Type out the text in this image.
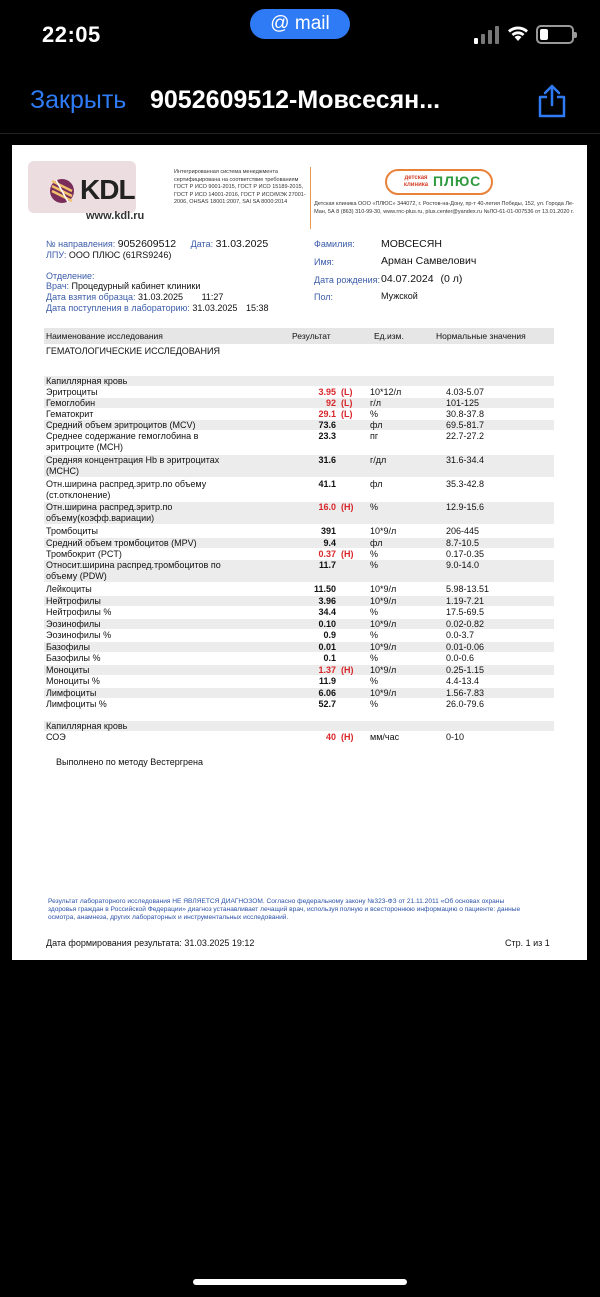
22:05	@ mail
Закрыть 9052609512-Мовсесян...
KDL
www.kdl.ru
Интегрированная система менеджмента сертифицирована на соответствие требованиям ГОСТ Р ИСО 9001-2015, ГОСТ Р ИСО 15189-2015, ГОСТ Р ИСО 14001-2016, ГОСТ Р ИСО/МЭК 27001-2006, OHSAS 18001:2007, SAI SA 8000:2014
детская клиника ПЛЮС
Детская клиника ООО «ПЛЮС» 344072, г. Ростов-на-Дону, пр-т 40-летия Победы, 152, ул. Города Ле-Ман, 5А 8 (863) 310-99-30, www.rnc-plus.ru, plus.center@yandex.ru №ЛО-61-01-007536 от 13.01.2020 г.
№ направления: 9052609512 Дата: 31.03.2025
ЛПУ: ООО ПЛЮС (61RS9246)
Отделение:
Врач: Процедурный кабинет клиники
Дата взятия образца: 31.03.2025 11:27
Дата поступления в лабораторию: 31.03.2025 15:38
Фамилия:	МОВСЕСЯН
Имя:	Арман Самвелович
Дата рождения: 04.07.2024 (0 л)
Пол:	Мужской
Наименование исследования	Результат	Ед.изм.	Нормальные значения
ГЕМАТОЛОГИЧЕСКИЕ ИССЛЕДОВАНИЯ
Капиллярная кровь
Эритроциты	3.95 (L)	10*12/л	4.03-5.07
Гемоглобин	92 (L)	г/л	101-125
Гематокрит	29.1 (L)	%	30.8-37.8
Средний объем эритроцитов (MCV)	73.6	фл	69.5-81.7
Среднее содержание гемоглобина в эритроците (MCH)
23.3	пг	22.7-27.2
Средняя концентрация Hb в эритроцитах (MCHC)
31.6	г/дл	31.6-34.4
Отн.ширина распред.эритр.по объему (ст.отклонение)
41.1	фл	35.3-42.8
Отн.ширина распред.эритр.по объему(коэфф.вариации)
16.0 (H)	%	12.9-15.6
Тромбоциты	391	10*9/л	206-445
Средний объем тромбоцитов (MPV)	9.4	фл	8.7-10.5
Тромбокрит (PCT)	0.37 (H)	%	0.17-0.35
Относит.ширина распред.тромбоцитов по объему (PDW)
11.7	%	9.0-14.0
Лейкоциты	11.50	10*9/л	5.98-13.51
Нейтрофилы	3.96	10*9/л	1.19-7.21
Нейтрофилы %	34.4	%	17.5-69.5
Эозинофилы	0.10	10*9/л	0.02-0.82
Эозинофилы %	0.9	%	0.0-3.7
Базофилы	0.01	10*9/л	0.01-0.06
Базофилы %	0.1	%	0.0-0.6
Моноциты	1.37 (H)	10*9/л	0.25-1.15
Моноциты %	11.9	%	4.4-13.4
Лимфоциты	6.06	10*9/л	1.56-7.83
Лимфоциты %	52.7	%	26.0-79.6
Капиллярная кровь
СОЭ	40 (H)	мм/час	0-10
Выполнено по методу Вестергрена
Результат лабораторного исследования НЕ ЯВЛЯЕТСЯ ДИАГНОЗОМ. Согласно федеральному закону №323-ФЗ от 21.11.2011 «Об основах охраны здоровья граждан в Российской Федерации» диагноз устанавливает лечащий врач, используя полную и всестороннюю информацию о пациенте: данные осмотра, анамнеза, других лабораторных и инструментальных исследований.
Дата формирования результата: 31.03.2025 19:12	Стр. 1 из 1
